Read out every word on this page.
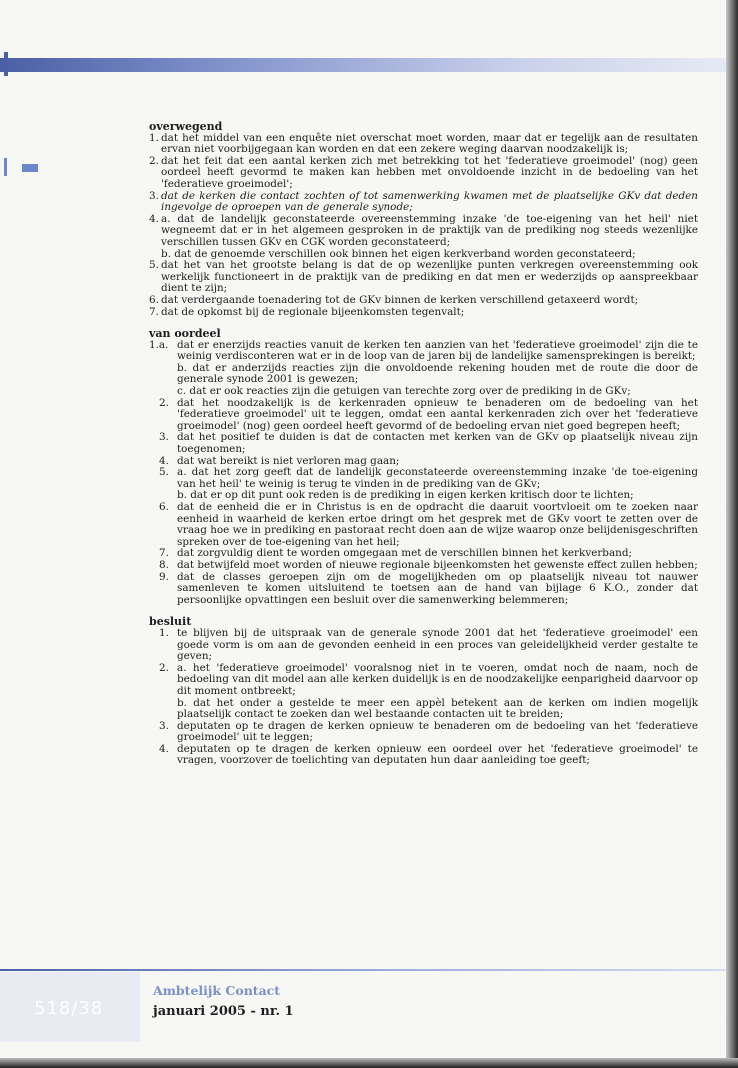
overwegend

1. dat het middel van een enquête niet overschat moet worden, maar dat er tegelijk aan de resultaten ervan niet voorbijgegaan kan worden en dat een zekere weging daarvan noodzakelijk is;
2. dat het feit dat een aantal kerken zich met betrekking tot het 'federatieve groeimodel' (nog) geen oordeel heeft gevormd te maken kan hebben met onvoldoende inzicht in de bedoeling van het 'federatieve groeimodel';
3. dat de kerken die contact zochten of tot samenwerking kwamen met de plaatselijke GKv dat deden ingevolge de oproepen van de generale synode;
4. a. dat de landelijk geconstateerde overeenstemming inzake 'de toe-eigening van het heil' niet wegneemt dat er in het algemeen gesproken in de praktijk van de prediking nog steeds wezenlijke verschillen tussen GKv en CGK worden geconstateerd;
b. dat de genoemde verschillen ook binnen het eigen kerkverband worden geconstateerd;
5. dat het van het grootste belang is dat de op wezenlijke punten verkregen overeenstemming ook werkelijk functioneert in de praktijk van de prediking en dat men er wederzijds op aanspreekbaar dient te zijn;
6. dat verdergaande toenadering tot de GKv binnen de kerken verschillend getaxeerd wordt;
7. dat de opkomst bij de regionale bijeenkomsten tegenvalt;

van oordeel

1.a. dat er enerzijds reacties vanuit de kerken ten aanzien van het 'federatieve groeimodel' zijn die te weinig verdisconteren wat er in de loop van de jaren bij de landelijke samensprekingen is bereikt;
b. dat er anderzijds reacties zijn die onvoldoende rekening houden met de route die door de generale synode 2001 is gewezen;
c. dat er ook reacties zijn die getuigen van terechte zorg over de prediking in de GKv;
2. dat het noodzakelijk is de kerkenraden opnieuw te benaderen om de bedoeling van het 'federatieve groeimodel' uit te leggen, omdat een aantal kerkenraden zich over het 'federatieve groeimodel' (nog) geen oordeel heeft gevormd of de bedoeling ervan niet goed begrepen heeft;
3. dat het positief te duiden is dat de contacten met kerken van de GKv op plaatselijk niveau zijn toegenomen;
4. dat wat bereikt is niet verloren mag gaan;
5. a. dat het zorg geeft dat de landelijk geconstateerde overeenstemming inzake 'de toe-eigening van het heil' te weinig is terug te vinden in de prediking van de GKv;
b. dat er op dit punt ook reden is de prediking in eigen kerken kritisch door te lichten;
6. dat de eenheid die er in Christus is en de opdracht die daaruit voortvloeit om te zoeken naar eenheid in waarheid de kerken ertoe dringt om het gesprek met de GKv voort te zetten over de vraag hoe we in prediking en pastoraat recht doen aan de wijze waarop onze belijdenisgeschriften spreken over de toe-eigening van het heil;
7. dat zorgvuldig dient te worden omgegaan met de verschillen binnen het kerkverband;
8. dat betwijfeld moet worden of nieuwe regionale bijeenkomsten het gewenste effect zullen hebben;
9. dat de classes geroepen zijn om de mogelijkheden om op plaatselijk niveau tot nauwer samenleven te komen uitsluitend te toetsen aan de hand van bijlage 6 K.O., zonder dat persoonlijke opvattingen een besluit over die samenwerking belemmeren;

besluit

1. te blijven bij de uitspraak van de generale synode 2001 dat het 'federatieve groeimodel' een goede vorm is om aan de gevonden eenheid in een proces van geleidelijkheid verder gestalte te geven;
2. a. het 'federatieve groeimodel' vooralsnog niet in te voeren, omdat noch de naam, noch de bedoeling van dit model aan alle kerken duidelijk is en de noodzakelijke eenparigheid daarvoor op dit moment ontbreekt;
b. dat het onder a gestelde te meer een appèl betekent aan de kerken om indien mogelijk plaatselijk contact te zoeken dan wel bestaande contacten uit te breiden;
3. deputaten op te dragen de kerken opnieuw te benaderen om de bedoeling van het 'federatieve groeimodel' uit te leggen;
4. deputaten op te dragen de kerken opnieuw een oordeel over het 'federatieve groeimodel' te vragen, voorzover de toelichting van deputaten hun daar aanleiding toe geeft;
518/38
Ambtelijk Contact
januari 2005 - nr. 1
